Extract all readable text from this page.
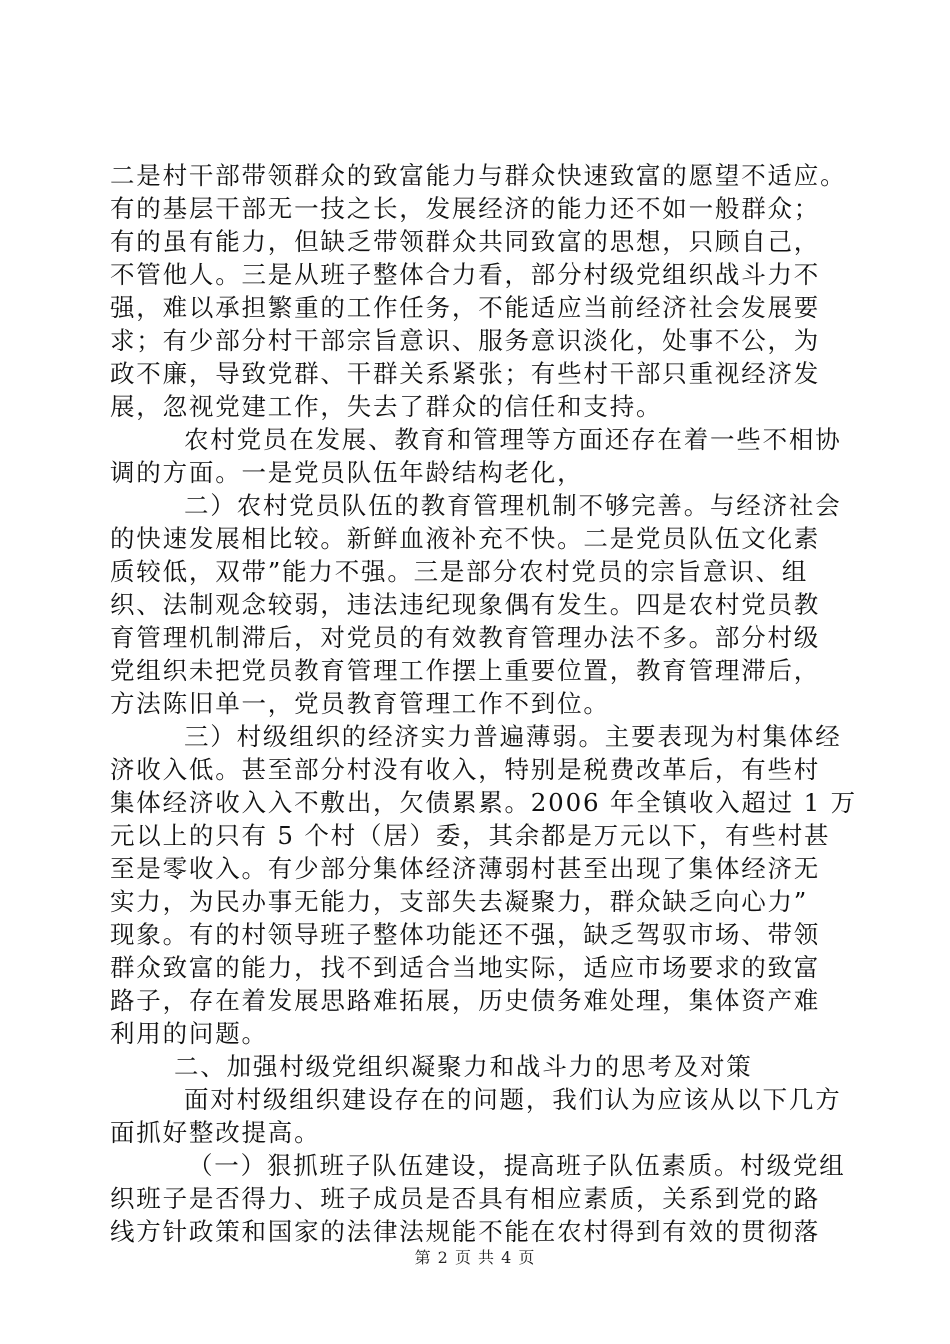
二是村干部带领群众的致富能力与群众快速致富的愿望不适应。
有的基层干部无一技之长，发展经济的能力还不如一般群众；
有的虽有能力，但缺乏带领群众共同致富的思想，只顾自己，
不管他人。三是从班子整体合力看，部分村级党组织战斗力不
强，难以承担繁重的工作任务，不能适应当前经济社会发展要
求；有少部分村干部宗旨意识、服务意识淡化，处事不公，为
政不廉，导致党群、干群关系紧张；有些村干部只重视经济发
展，忽视党建工作，失去了群众的信任和支持。

农村党员在发展、教育和管理等方面还存在着一些不相协
调的方面。一是党员队伍年龄结构老化，

二）农村党员队伍的教育管理机制不够完善。与经济社会
的快速发展相比较。新鲜血液补充不快。二是党员队伍文化素
质较低，双带”能力不强。三是部分农村党员的宗旨意识、组
织、法制观念较弱，违法违纪现象偶有发生。四是农村党员教
育管理机制滞后，对党员的有效教育管理办法不多。部分村级
党组织未把党员教育管理工作摆上重要位置，教育管理滞后，
方法陈旧单一，党员教育管理工作不到位。

三）村级组织的经济实力普遍薄弱。主要表现为村集体经
济收入低。甚至部分村没有收入，特别是税费改革后，有些村
集体经济收入入不敷出，欠债累累。2006 年全镇收入超过 1 万
元以上的只有 5 个村（居）委，其余都是万元以下，有些村甚
至是零收入。有少部分集体经济薄弱村甚至出现了集体经济无
实力，为民办事无能力，支部失去凝聚力，群众缺乏向心力”
现象。有的村领导班子整体功能还不强，缺乏驾驭市场、带领
群众致富的能力，找不到适合当地实际，适应市场要求的致富
路子，存在着发展思路难拓展，历史债务难处理，集体资产难
利用的问题。

二、加强村级党组织凝聚力和战斗力的思考及对策

面对村级组织建设存在的问题，我们认为应该从以下几方
面抓好整改提高。

（一）狠抓班子队伍建设，提高班子队伍素质。村级党组
织班子是否得力、班子成员是否具有相应素质，关系到党的路
线方针政策和国家的法律法规能不能在农村得到有效的贯彻落

第 2 页 共 4 页
